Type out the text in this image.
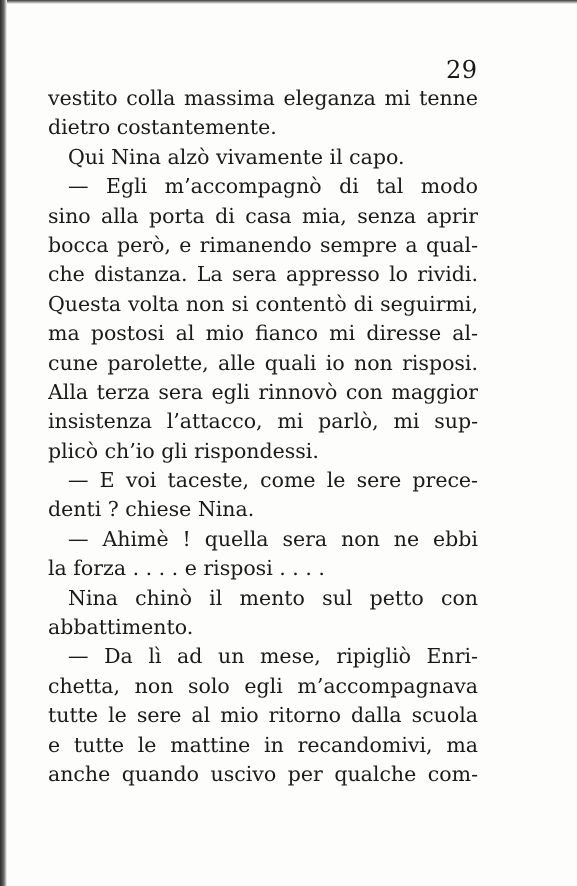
29
vestito colla massima eleganza mi tenne
dietro costantemente.
Qui Nina alzò vivamente il capo.
— Egli m’accompagnò di tal modo
sino alla porta di casa mia, senza aprir
bocca però, e rimanendo sempre a qual-
che distanza. La sera appresso lo rividi.
Questa volta non si contentò di seguirmi,
ma postosi al mio fianco mi diresse al-
cune parolette, alle quali io non risposi.
Alla terza sera egli rinnovò con maggior
insistenza l’attacco, mi parlò, mi sup-
plicò ch’io gli rispondessi.
— E voi taceste, come le sere prece-
denti ? chiese Nina.
— Ahimè ! quella sera non ne ebbi
la forza . . . . e risposi . . . .
Nina chinò il mento sul petto con
abbattimento.
— Da lì ad un mese, ripigliò Enri-
chetta, non solo egli m’accompagnava
tutte le sere al mio ritorno dalla scuola
e tutte le mattine in recandomivi, ma
anche quando uscivo per qualche com-
